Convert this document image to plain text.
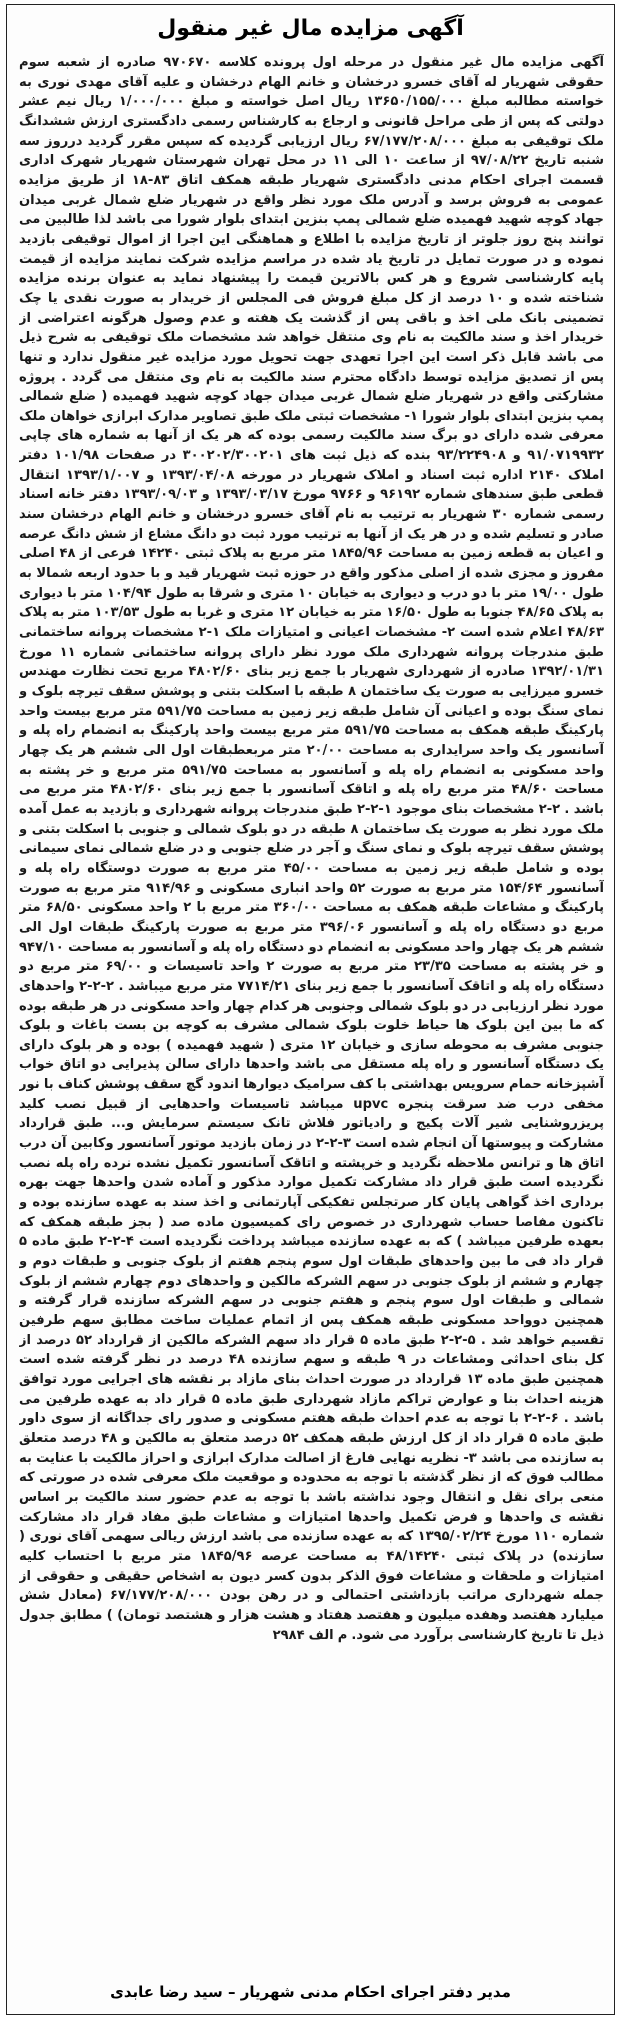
آگهی مزایده مال غیر منقول
آگهی مزایده مال غیر منقول در مرحله اول پرونده کلاسه ۹۷۰۶۷۰ صادره از شعبه سوم حقوقی شهریار له آقای خسرو درخشان و خانم الهام درخشان و علیه آقای مهدی نوری به خواسته مطالبه مبلغ ۱۳۶۵۰/۱۵۵/۰۰۰ ریال اصل خواسته و مبلغ ۱/۰۰۰/۰۰۰ ریال نیم عشر دولتی که پس از طی مراحل قانونی و ارجاع به کارشناس رسمی دادگستری ارزش ششدانگ ملک توقیفی به مبلغ ۶۷/۱۷۷/۲۰۸/۰۰۰ ریال ارزیابی گردیده که سپس مقرر گردید درروز سه شنبه تاریخ ۹۷/۰۸/۲۲ از ساعت ۱۰ الی ۱۱ در محل تهران شهرستان شهریار شهرک اداری قسمت اجرای احکام مدنی دادگستری شهریار طبقه همکف اتاق ۸۳-۱۸ از طریق مزایده عمومی به فروش برسد و آدرس ملک مورد نظر واقع در شهریار ضلع شمال غربی میدان جهاد کوچه شهید فهمیده ضلع شمالی پمپ بنزین ابتدای بلوار شورا می باشد لذا طالبین می توانند پنج روز جلوتر از تاریخ مزایده با اطلاع و هماهنگی این اجرا از اموال توقیفی بازدید نموده و در صورت تمایل در تاریخ یاد شده در مراسم مزایده شرکت نمایند مزایده از قیمت پایه کارشناسی شروع و هر کس بالاترین قیمت را پیشنهاد نماید به عنوان برنده مزایده شناخته شده و ۱۰ درصد از کل مبلغ فروش فی المجلس از خریدار به صورت نقدی یا چک تضمینی بانک ملی اخذ و باقی پس از گذشت یک هفته و عدم وصول هرگونه اعتراضی از خریدار اخذ و سند مالکیت به نام وی منتقل خواهد شد مشخصات ملک توقیفی به شرح ذیل می باشد قابل ذکر است این اجرا تعهدی جهت تحویل مورد مزایده غیر منقول ندارد و تنها پس از تصدیق مزایده توسط دادگاه محترم سند مالکیت به نام وی منتقل می گردد . پروژه مشارکتی واقع در شهریار ضلع شمال غربی میدان جهاد کوچه شهید فهمیده ( ضلع شمالی پمپ بنزین ابتدای بلوار شورا ۱- مشخصات ثبتی ملک طبق تصاویر مدارک ابرازی خواهان ملک معرفی شده دارای دو برگ سند مالکیت رسمی بوده که هر یک از آنها به شماره های چاپی ۹۱/۰۷۱۹۹۳۲ و ۹۳/۲۲۴۹۰۸ بنده که ذیل ثبت های ۳۰۰۲۰۲/۳۰۰۲۰۱ در صفحات ۱۰۱/۹۸ دفتر املاک ۲۱۴۰ اداره ثبت اسناد و املاک شهریار در مورخه ۱۳۹۳/۰۴/۰۸ و ۱۳۹۳/۱/۰۰۷ انتقال قطعی طبق سندهای شماره ۹۶۱۹۲ و ۹۷۶۶ مورخ ۱۳۹۳/۰۳/۱۷ و ۱۳۹۳/۰۹/۰۳ دفتر خانه اسناد رسمی شماره ۳۰ شهریار به ترتیب به نام آقای خسرو درخشان و خانم الهام درخشان سند صادر و تسلیم شده و در هر یک از آنها به ترتیب مورد ثبت دو دانگ مشاع از شش دانگ عرصه و اعیان به قطعه زمین به مساحت ۱۸۴۵/۹۶ متر مربع به پلاک ثبتی ۱۴۲۴۰ فرعی از ۴۸ اصلی مفروز و مجزی شده از اصلی مذکور واقع در حوزه ثبت شهریار قید و با حدود اربعه شمالا به طول ۱۹/۰۰ متر با دو درب و دیواری به خیابان ۱۰ متری و شرقا به طول ۱۰۴/۹۴ متر با دیواری به پلاک ۴۸/۶۵ جنوبا به طول ۱۶/۵۰ متر به خیابان ۱۲ متری و غربا به طول ۱۰۳/۵۳ متر به پلاک ۴۸/۶۳ اعلام شده است ۲- مشخصات اعیانی و امتیازات ملک ۱-۲ مشخصات پروانه ساختمانی طبق مندرجات پروانه شهرداری ملک مورد نظر دارای پروانه ساختمانی شماره ۱۱ مورخ ۱۳۹۲/۰۱/۳۱ صادره از شهرداری شهریار با جمع زیر بنای ۴۸۰۲/۶۰ مربع تحت نظارت مهندس خسرو میرزایی به صورت یک ساختمان ۸ طبقه با اسکلت بتنی و پوشش سقف تیرچه بلوک و نمای سنگ بوده و اعیانی آن شامل طبقه زیر زمین به مساحت ۵۹۱/۷۵ متر مربع بیست واحد پارکینگ طبقه همکف به مساحت ۵۹۱/۷۵ متر مربع بیست واحد پارکینگ به انضمام راه پله و آسانسور یک واحد سرایداری به مساحت ۲۰/۰۰ متر مربعطبقات اول الی ششم هر یک چهار واحد مسکونی به انضمام راه پله و آسانسور به مساحت ۵۹۱/۷۵ متر مربع و خر پشته به مساحت ۴۸/۶۰ متر مربع راه پله و اتاقک آسانسور با جمع زیر بنای ۴۸۰۲/۶۰ متر مربع می باشد . ۲-۲ مشخصات بنای موجود ۱-۲-۲ طبق مندرجات پروانه شهرداری و بازدید به عمل آمده ملک مورد نظر به صورت یک ساختمان ۸ طبقه در دو بلوک شمالی و جنوبی با اسکلت بتنی و پوشش سقف تیرچه بلوک و نمای سنگ و آجر در ضلع جنوبی و در ضلع شمالی نمای سیمانی بوده و شامل طبقه زیر زمین به مساحت ۴۵/۰۰ متر مربع به صورت دوستگاه راه پله و آسانسور ۱۵۴/۶۴ متر مربع به صورت ۵۲ واحد انباری مسکونی و ۹۱۴/۹۶ متر مربع به صورت پارکینگ و مشاعات طبقه همکف به مساحت ۳۶۰/۰۰ متر مربع با ۲ واحد مسکونی ۶۸/۵۰ متر مربع دو دستگاه راه پله و آسانسور ۳۹۶/۰۶ متر مربع به صورت پارکینگ طبقات اول الی ششم هر یک چهار واحد مسکونی به انضمام دو دستگاه راه پله و آسانسور به مساحت ۹۴۷/۱۰ و خر پشته به مساحت ۲۳/۳۵ متر مربع به صورت ۲ واحد تاسیسات و ۶۹/۰۰ متر مربع دو دستگاه راه پله و اتاقک آسانسور با جمع زیر بنای ۷۷۱۴/۲۱ متر مربع میباشد . ۲-۲-۲ واحدهای مورد نظر ارزیابی در دو بلوک شمالی وجنوبی هر کدام چهار واحد مسکونی در هر طبقه بوده که ما بین این بلوک ها حیاط خلوت بلوک شمالی مشرف به کوچه بن بست باغات و بلوک جنوبی مشرف به محوطه سازی و خیابان ۱۲ متری ( شهید فهمیده ) بوده و هر بلوک دارای یک دستگاه آسانسور و راه پله مستقل می باشد واحدها دارای سالن پذیرایی دو اتاق خواب آشپزخانه حمام سرویس بهداشتی با کف سرامیک دیوارها اندود گچ سقف پوشش کناف با نور مخفی درب ضد سرقت پنجره upvc میباشد تاسیسات واحدهایی از قبیل نصب کلید پریزروشنایی شیر آلات پکیج و رادیاتور فلاش تانک سیستم سرمایش و... طبق قرارداد مشارکت و پیوستها آن انجام شده است ۳-۲-۲ در زمان بازدید موتور آسانسور وکابین آن درب اتاق ها و ترانس ملاحظه نگردید و خرپشته و اتاقک آسانسور تکمیل نشده نرده راه پله نصب نگردیده است طبق قرار داد مشارکت تکمیل موارد مذکور و آماده شدن واحدها جهت بهره برداری اخذ گواهی پایان کار صرتجلس تفکیکی آپارتمانی و اخذ سند به عهده سازنده بوده و تاکنون مفاصا حساب شهرداری در خصوص رای کمیسیون ماده صد ( بجز طبقه همکف که بعهده طرفین میباشد ) که به عهده سازنده میباشد پرداخت نگردیده است ۴-۲-۲ طبق ماده ۵ قرار داد فی ما بین واحدهای طبقات اول سوم پنجم هفتم از بلوک جنوبی و طبقات دوم و چهارم و ششم از بلوک جنوبی در سهم الشرکه مالکین و واحدهای دوم چهارم ششم از بلوک شمالی و طبقات اول سوم پنجم و هفتم جنوبی در سهم الشرکه سازنده قرار گرفته و همچنین دوواحد مسکونی طبقه همکف پس از اتمام عملیات ساخت مطابق سهم طرفین تقسیم خواهد شد . ۵-۲-۲ طبق ماده ۵ قرار داد سهم الشرکه مالکین از قرارداد ۵۲ درصد از کل بنای احداثی ومشاعات در ۹ طبقه و سهم سازنده ۴۸ درصد در نظر گرفته شده است همچنین طبق ماده ۱۳ قرارداد در صورت احداث بنای مازاد بر نقشه های اجرایی مورد توافق هزینه احداث بنا و عوارض تراکم مازاد شهرداری طبق ماده ۵ قرار داد به عهده طرفین می باشد . ۶-۲-۲ با توجه به عدم احداث طبقه هفتم مسکونی و صدور رای جداگانه از سوی داور طبق ماده ۵ قرار داد از کل ارزش طبقه همکف ۵۲ درصد متعلق به مالکین و ۴۸ درصد متعلق به سازنده می باشد ۳- نظریه نهایی فارغ از اصالت مدارک ابرازی و احراز مالکیت با عنایت به مطالب فوق که از نظر گذشته با توجه به محدوده و موقعیت ملک معرفی شده در صورتی که منعی برای نقل و انتقال وجود نداشته باشد با توجه به عدم حضور سند مالکیت بر اساس نقشه ی واحدها و فرض تکمیل واحدها امتیازات و مشاعات طبق مفاد قرار داد مشارکت شماره ۱۱۰ مورخ ۱۳۹۵/۰۲/۲۴ که به عهده سازنده می باشد ارزش ریالی سهمی آقای نوری ( سازنده) در پلاک ثبتی ۴۸/۱۴۲۴۰ به مساحت عرصه ۱۸۴۵/۹۶ متر مربع با احتساب کلیه امتیازات و ملحقات و مشاعات فوق الذکر بدون کسر دیون به اشخاص حقیقی و حقوقی از جمله شهرداری مراتب بازداشتی احتمالی و در رهن بودن ۶۷/۱۷۷/۲۰۸/۰۰۰ (معادل شش میلیارد هفتصد وهفده میلیون و هفتصد هفتاد و هشت هزار و هشتصد تومان) ) مطابق جدول ذیل تا تاریخ کارشناسی برآورد می شود. م الف ۲۹۸۴
مدیر دفتر اجرای احکام مدنی شهریار – سید رضا عابدی
